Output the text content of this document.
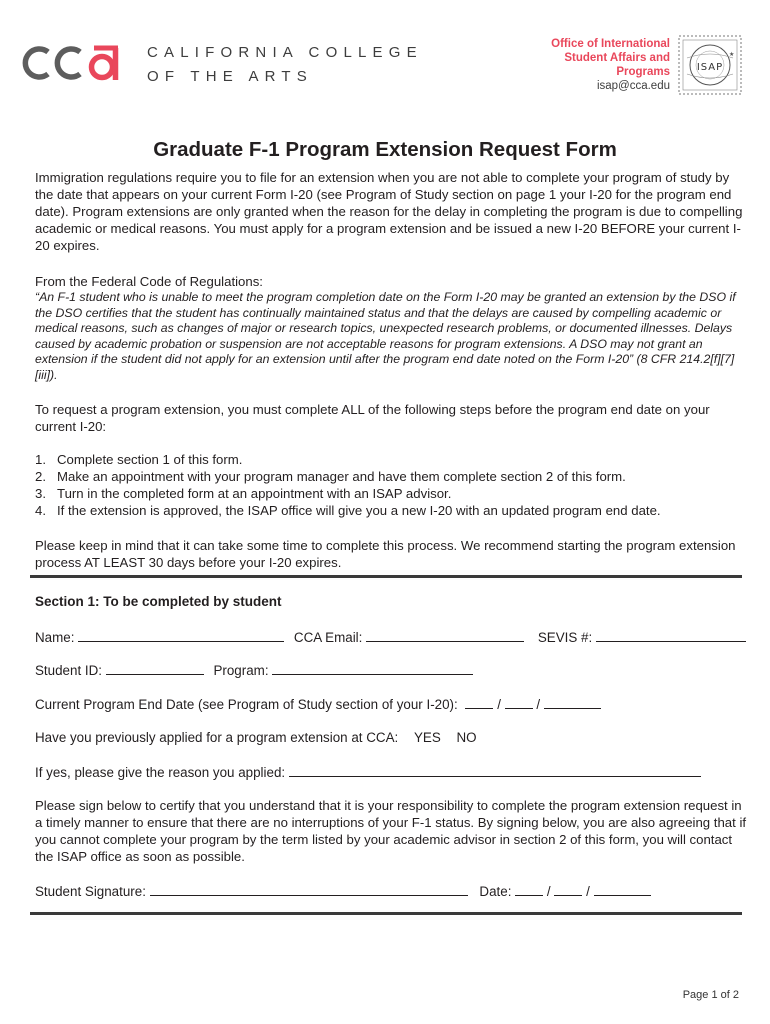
CALIFORNIA COLLEGE
OF THE ARTS
Office of International
Student Affairs and
Programs
isap@cca.edu
ISAP
★
Graduate F-1 Program Extension Request Form

Immigration regulations require you to file for an extension when you are not able to complete your program of study by the date that appears on your current Form I-20 (see Program of Study section on page 1 your I-20 for the program end date). Program extensions are only granted when the reason for the delay in completing the program is due to compelling academic or medical reasons. You must apply for a program extension and be issued a new I-20 BEFORE your current I-20 expires.

From the Federal Code of Regulations:

“An F-1 student who is unable to meet the program completion date on the Form I-20 may be granted an extension by the DSO if the DSO certifies that the student has continually maintained status and that the delays are caused by compelling academic or medical reasons, such as changes of major or research topics, unexpected research problems, or documented illnesses. Delays caused by academic probation or suspension are not acceptable reasons for program extensions. A DSO may not grant an extension if the student did not apply for an extension until after the program end date noted on the Form I-20” (8 CFR 214.2[f][7][iii]).

To request a program extension, you must complete ALL of the following steps before the program end date on your current I-20:

1. Complete section 1 of this form.
2. Make an appointment with your program manager and have them complete section 2 of this form.
3. Turn in the completed form at an appointment with an ISAP advisor.
4. If the extension is approved, the ISAP office will give you a new I-20 with an updated program end date.

Please keep in mind that it can take some time to complete this process. We recommend starting the program extension process AT LEAST 30 days before your I-20 expires.

Section 1: To be completed by student
Name:	CCA Email:	SEVIS #:
Student ID:	Program:
Current Program End Date (see Program of Study section of your I-20):	/	/
Have you previously applied for a program extension at CCA: YES NO
If yes, please give the reason you applied:

Please sign below to certify that you understand that it is your responsibility to complete the program extension request in a timely manner to ensure that there are no interruptions of your F-1 status. By signing below, you are also agreeing that if you cannot complete your program by the term listed by your academic advisor in section 2 of this form, you will contact the ISAP office as soon as possible.

Student Signature:	Date:	/	/
Page 1 of 2
